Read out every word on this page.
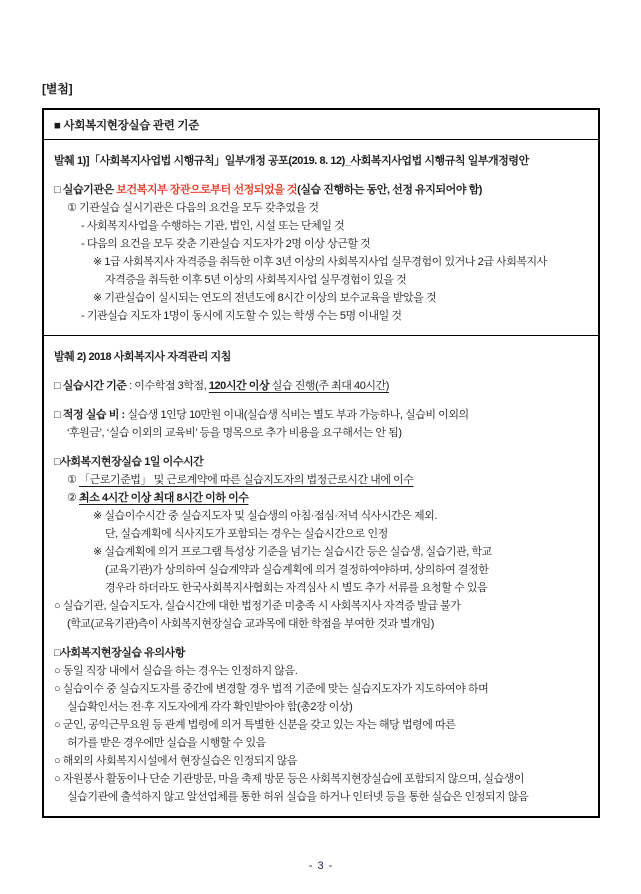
[별첨]
■ 사회복지현장실습 관련 기준
발췌 1)]「사회복지사업법 시행규칙」일부개정 공포(2019. 8. 12)_사회복지사업법 시행규칙 일부개정령안
□ 실습기관은 보건복지부 장관으로부터 선정되었을 것(실습 진행하는 동안, 선정 유지되어야 함)
① 기관실습 실시기관은 다음의 요건을 모두 갖추었을 것
- 사회복지사업을 수행하는 기관, 법인, 시설 또는 단체일 것
- 다음의 요건을 모두 갖춘 기관실습 지도자가 2명 이상 상근할 것
※ 1급 사회복지사 자격증을 취득한 이후 3년 이상의 사회복지사업 실무경험이 있거나 2급 사회복지사
자격증을 취득한 이후 5년 이상의 사회복지사업 실무경험이 있을 것
※ 기관실습이 실시되는 연도의 전년도에 8시간 이상의 보수교육을 받았을 것
- 기관실습 지도자 1명이 동시에 지도할 수 있는 학생 수는 5명 이내일 것
발췌 2) 2018 사회복지사 자격관리 지침
□ 실습시간 기준 : 이수학점 3학점, 120시간 이상 실습 진행(주 최대 40시간)
□ 적정 실습 비 : 실습생 1인당 10만원 이내(실습생 식비는 별도 부과 가능하나, 실습비 이외의
‘후원금’, ‘실습 이외의 교육비’ 등을 명목으로 추가 비용을 요구해서는 안 됨)
□사회복지현장실습 1일 이수시간
① 「근로기준법」 및 근로계약에 따른 실습지도자의 법정근로시간 내에 이수
② 최소 4시간 이상 최대 8시간 이하 이수
※ 실습이수시간 중 실습지도자 및 실습생의 아침·점심·저녁 식사시간은 제외.
단, 실습계획에 식사지도가 포함되는 경우는 실습시간으로 인정
※ 실습계획에 의거 프로그램 특성상 기준을 넘기는 실습시간 등은 실습생, 실습기관, 학교
(교육기관)가 상의하여 실습계약과 실습계획에 의거 결정하여야하며, 상의하여 결정한
경우라 하더라도 한국사회복지사협회는 자격심사 시 별도 추가 서류를 요청할 수 있음
○ 실습기관, 실습지도자, 실습시간에 대한 법정기준 미충족 시 사회복지사 자격증 발급 불가
(학교(교육기관)측이 사회복지현장실습 교과목에 대한 학점을 부여한 것과 별개임)
□사회복지현장실습 유의사항
○ 동일 직장 내에서 실습을 하는 경우는 인정하지 않음.
○ 실습이수 중 실습지도자를 중간에 변경할 경우 법적 기준에 맞는 실습지도자가 지도하여야 하며
실습확인서는 전·후 지도자에게 각각 확인받아야 함(총2장 이상)
○ 군인, 공익근무요원 등 관계 법령에 의거 특별한 신분을 갖고 있는 자는 해당 법령에 따른
허가를 받은 경우에만 실습을 시행할 수 있음
○ 해외의 사회복지시설에서 현장실습은 인정되지 않음
○ 자원봉사 활동이나 단순 기관방문, 마을 축제 방문 등은 사회복지현장실습에 포함되지 않으며, 실습생이
실습기관에 출석하지 않고 알선업체를 통한 허위 실습을 하거나 인터넷 등을 통한 실습은 인정되지 않음
- 3 -
